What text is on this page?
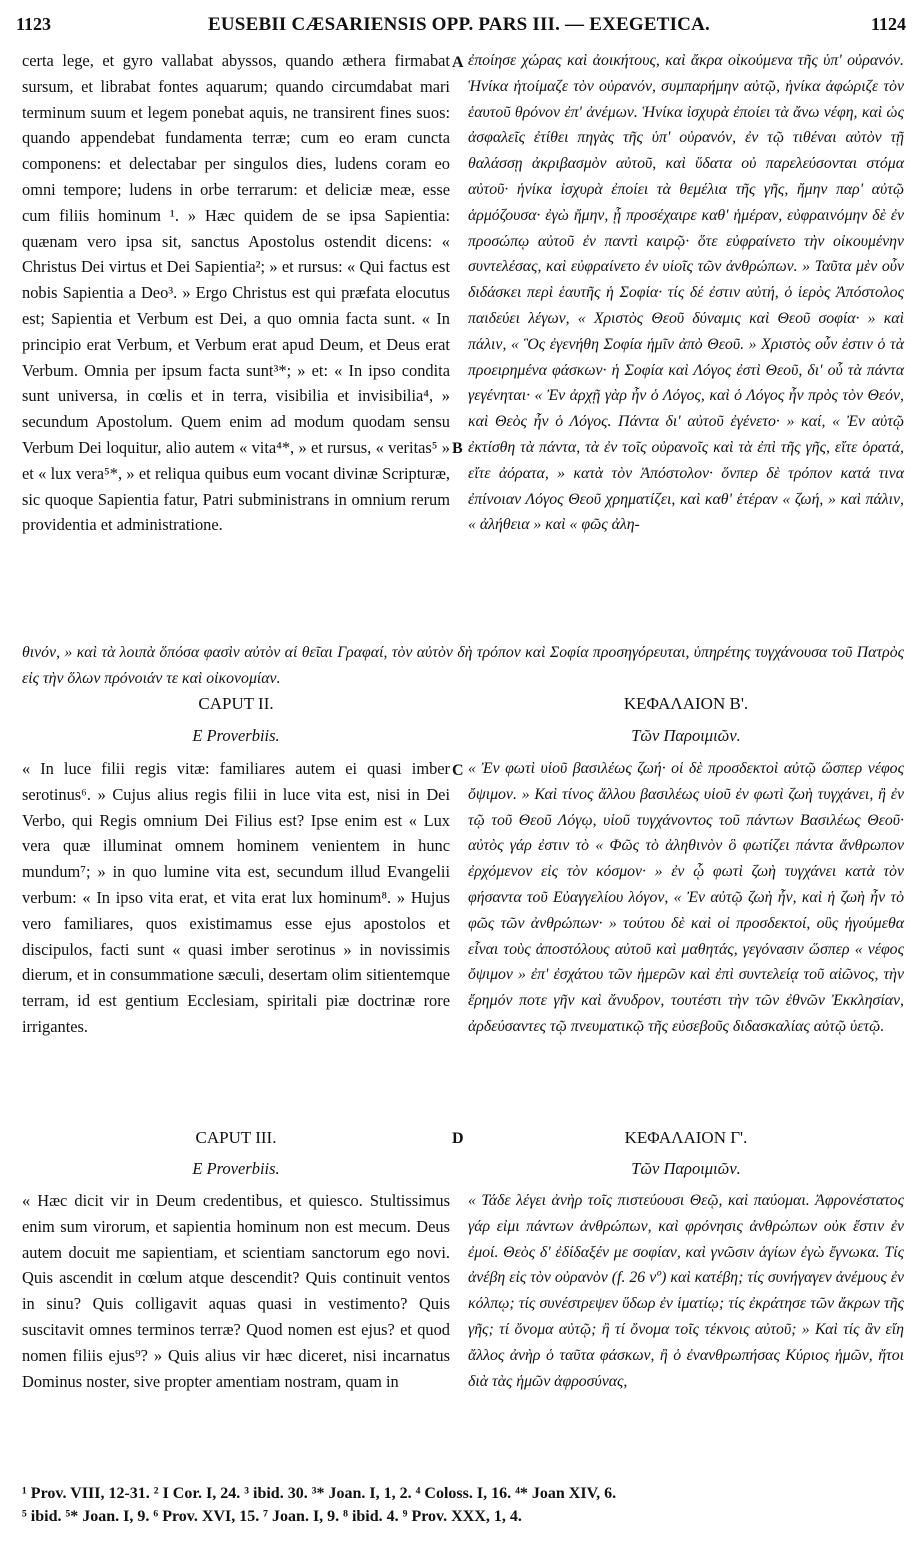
1123	EUSEBII CÆSARIENSIS OPP. PARS III. — EXEGETICA.	1124

certa lege, et gyro vallabat abyssos, quando æthera firmabat sursum, et librabat fontes aquarum; quando circumdabat mari terminum suum et legem ponebat aquis, ne transirent fines suos: quando appendebat fundamenta terræ; cum eo eram cuncta componens: et delectabar per singulos dies, ludens coram eo omni tempore; ludens in orbe terrarum: et deliciæ meæ, esse cum filiis hominum ¹. » Hæc quidem de se ipsa Sapientia: quænam vero ipsa sit, sanctus Apostolus ostendit dicens: « Christus Dei virtus et Dei Sapientia²; » et rursus: « Qui factus est nobis Sapientia a Deo³. » Ergo Christus est qui præfata elocutus est; Sapientia et Verbum est Dei, a quo omnia facta sunt. « In principio erat Verbum, et Verbum erat apud Deum, et Deus erat Verbum. Omnia per ipsum facta sunt³*; » et: « In ipso condita sunt universa, in cœlis et in terra, visibilia et invisibilia⁴, » secundum Apostolum. Quem enim ad modum quodam sensu Verbum Dei loquitur, alio autem « vita⁴*, » et rursus, « veritas⁵ » et « lux vera⁵*, » et reliqua quibus eum vocant divinæ Scripturæ, sic quoque Sapientia fatur, Patri subministrans in omnium rerum providentia et administratione.

A
B

ἐποίησε χώρας καὶ ἀοικήτους, καὶ ἄκρα οἰκούμενα τῆς ὑπ' οὐρανόν. Ἡνίκα ἡτοίμαζε τὸν οὐρανόν, συμπαρήμην αὐτῷ, ἡνίκα ἀφώριζε τὸν ἑαυτοῦ θρόνον ἐπ' ἀνέμων. Ἡνίκα ἰσχυρὰ ἐποίει τὰ ἄνω νέφη, καὶ ὡς ἀσφαλεῖς ἐτίθει πηγὰς τῆς ὑπ' οὐρανόν, ἐν τῷ τιθέναι αὐτὸν τῇ θαλάσσῃ ἀκριβασμὸν αὐτοῦ, καὶ ὕδατα οὐ παρελεύσονται στόμα αὐτοῦ· ἡνίκα ἰσχυρὰ ἐποίει τὰ θεμέλια τῆς γῆς, ἤμην παρ' αὐτῷ ἁρμόζουσα· ἐγὼ ἤμην, ᾗ προσέχαιρε καθ' ἡμέραν, εὐφραινόμην δὲ ἐν προσώπῳ αὐτοῦ ἐν παντὶ καιρῷ· ὅτε εὐφραίνετο τὴν οἰκουμένην συντελέσας, καὶ εὐφραίνετο ἐν υἱοῖς τῶν ἀνθρώπων. » Ταῦτα μὲν οὖν διδάσκει περὶ ἑαυτῆς ἡ Σοφία· τίς δέ ἐστιν αὐτή, ὁ ἱερὸς Ἀπόστολος παιδεύει λέγων, « Χριστὸς Θεοῦ δύναμις καὶ Θεοῦ σοφία· » καὶ πάλιν, « Ὃς ἐγενήθη Σοφία ἡμῖν ἀπὸ Θεοῦ. » Χριστὸς οὖν ἐστιν ὁ τὰ προειρημένα φάσκων· ἡ Σοφία καὶ Λόγος ἐστὶ Θεοῦ, δι' οὗ τὰ πάντα γεγένηται· « Ἐν ἀρχῇ γὰρ ἦν ὁ Λόγος, καὶ ὁ Λόγος ἦν πρὸς τὸν Θεόν, καὶ Θεὸς ἦν ὁ Λόγος. Πάντα δι' αὐτοῦ ἐγένετο· » καί, « Ἐν αὐτῷ ἐκτίσθη τὰ πάντα, τὰ ἐν τοῖς οὐρανοῖς καὶ τὰ ἐπὶ τῆς γῆς, εἴτε ὁρατά, εἴτε ἀόρατα, » κατὰ τὸν Ἀπόστολον· ὅνπερ δὲ τρόπον κατά τινα ἐπίνοιαν Λόγος Θεοῦ χρηματίζει, καὶ καθ' ἑτέραν « ζωή, » καὶ πάλιν, « ἀλήθεια » καὶ « φῶς ἀλη-

θινόν, » καὶ τὰ λοιπὰ ὅπόσα φασὶν αὐτὸν αἱ θεῖαι Γραφαί, τὸν αὐτὸν δὴ τρόπον καὶ Σοφία προσηγόρευται, ὑπηρέτης τυγχάνουσα τοῦ Πατρὸς εἰς τὴν ὅλων πρόνοιάν τε καὶ οἰκονομίαν.

CAPUT II.
E Proverbiis.
ΚΕΦΑΛΑΙΟΝ Β'.
Τῶν Παροιμιῶν.
C

« In luce filii regis vitæ: familiares autem ei quasi imber serotinus⁶. » Cujus alius regis filii in luce vita est, nisi in Dei Verbo, qui Regis omnium Dei Filius est? Ipse enim est « Lux vera quæ illuminat omnem hominem venientem in hunc mundum⁷; » in quo lumine vita est, secundum illud Evangelii verbum: « In ipso vita erat, et vita erat lux hominum⁸. » Hujus vero familiares, quos existimamus esse ejus apostolos et discipulos, facti sunt « quasi imber serotinus » in novissimis dierum, et in consummatione sæculi, desertam olim sitientemque terram, id est gentium Ecclesiam, spiritali piæ doctrinæ rore irrigantes.

« Ἐν φωτὶ υἱοῦ βασιλέως ζωή· οἱ δὲ προσδεκτοὶ αὐτῷ ὥσπερ νέφος ὄψιμον. » Καὶ τίνος ἄλλου βασιλέως υἱοῦ ἐν φωτὶ ζωὴ τυγχάνει, ἢ ἐν τῷ τοῦ Θεοῦ Λόγῳ, υἱοῦ τυγχάνοντος τοῦ πάντων Βασιλέως Θεοῦ· αὐτὸς γάρ ἐστιν τὸ « Φῶς τὸ ἀληθινὸν ὃ φωτίζει πάντα ἄνθρωπον ἐρχόμενον εἰς τὸν κόσμον· » ἐν ᾧ φωτὶ ζωὴ τυγχάνει κατὰ τὸν φήσαντα τοῦ Εὐαγγελίου λόγον, « Ἐν αὐτῷ ζωὴ ἦν, καὶ ἡ ζωὴ ἦν τὸ φῶς τῶν ἀνθρώπων· » τούτου δὲ καὶ οἱ προσδεκτοί, οὓς ἡγούμεθα εἶναι τοὺς ἀποστόλους αὐτοῦ καὶ μαθητάς, γεγόνασιν ὥσπερ « νέφος ὄψιμον » ἐπ' ἐσχάτου τῶν ἡμερῶν καὶ ἐπὶ συντελείᾳ τοῦ αἰῶνος, τὴν ἔρημόν ποτε γῆν καὶ ἄνυδρον, τουτέστι τὴν τῶν ἐθνῶν Ἐκκλησίαν, ἀρδεύσαντες τῷ πνευματικῷ τῆς εὐσεβοῦς διδασκαλίας αὐτῷ ὑετῷ.

CAPUT III.
E Proverbiis.
D	ΚΕΦΑΛΑΙΟΝ Γ'.
Τῶν Παροιμιῶν.

« Hæc dicit vir in Deum credentibus, et quiesco. Stultissimus enim sum virorum, et sapientia hominum non est mecum. Deus autem docuit me sapientiam, et scientiam sanctorum ego novi. Quis ascendit in cœlum atque descendit? Quis continuit ventos in sinu? Quis colligavit aquas quasi in vestimento? Quis suscitavit omnes terminos terræ? Quod nomen est ejus? et quod nomen filiis ejus⁹? » Quis alius vir hæc diceret, nisi incarnatus Dominus noster, sive propter amentiam nostram, quam in

« Τάδε λέγει ἀνὴρ τοῖς πιστεύουσι Θεῷ, καὶ παύομαι. Ἀφρονέστατος γάρ εἰμι πάντων ἀνθρώπων, καὶ φρόνησις ἀνθρώπων οὐκ ἔστιν ἐν ἐμοί. Θεὸς δ' ἐδίδαξέν με σοφίαν, καὶ γνῶσιν ἁγίων ἐγὼ ἔγνωκα. Τίς ἀνέβη εἰς τὸν οὐρανὸν (f. 26 vº) καὶ κατέβη; τίς συνήγαγεν ἀνέμους ἐν κόλπῳ; τίς συνέστρεψεν ὕδωρ ἐν ἱματίῳ; τίς ἐκράτησε τῶν ἄκρων τῆς γῆς; τί ὄνομα αὐτῷ; ἢ τί ὄνομα τοῖς τέκνοις αὐτοῦ; » Καὶ τίς ἂν εἴη ἄλλος ἀνὴρ ὁ ταῦτα φάσκων, ἢ ὁ ἐνανθρωπήσας Κύριος ἡμῶν, ἤτοι διὰ τὰς ἡμῶν ἀφροσύνας,

¹ Prov. VIII, 12-31. ² I Cor. I, 24. ³ ibid. 30. ³* Joan. I, 1, 2. ⁴ Coloss. I, 16. ⁴* Joan XIV, 6.
⁵ ibid. ⁵* Joan. I, 9. ⁶ Prov. XVI, 15. ⁷ Joan. I, 9. ⁸ ibid. 4. ⁹ Prov. XXX, 1, 4.
